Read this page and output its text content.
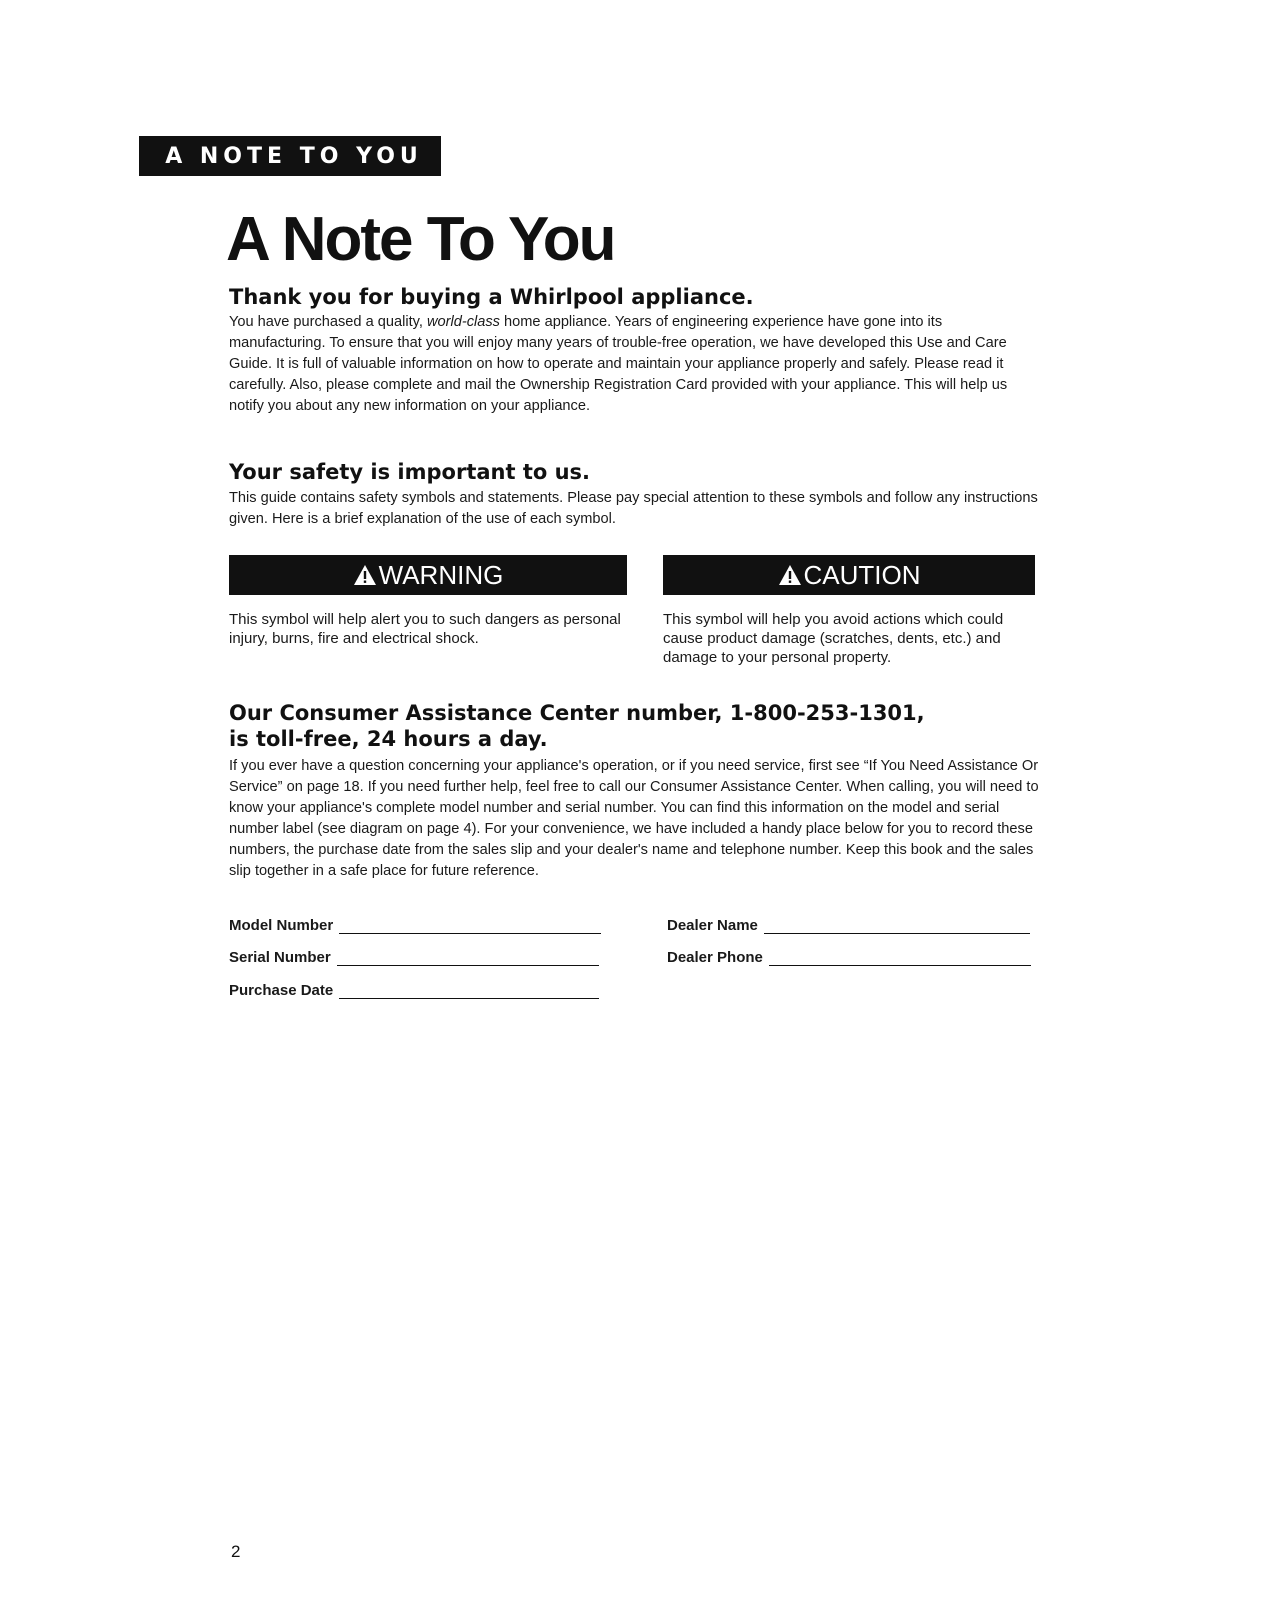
A NOTE TO YOU
A Note To You
Thank you for buying a Whirlpool appliance.

You have purchased a quality, world-class home appliance. Years of engineering experience have gone into its manufacturing. To ensure that you will enjoy many years of trouble-free operation, we have developed this Use and Care Guide. It is full of valuable information on how to operate and maintain your appliance properly and safely. Please read it carefully. Also, please complete and mail the Ownership Registration Card provided with your appliance. This will help us notify you about any new information on your appliance.

Your safety is important to us.

This guide contains safety symbols and statements. Please pay special attention to these symbols and follow any instructions given. Here is a brief explanation of the use of each symbol.

WARNING	CAUTION

This symbol will help alert you to such dangers as personal injury, burns, fire and electrical shock.

This symbol will help you avoid actions which could cause product damage (scratches, dents, etc.) and damage to your personal property.

Our Consumer Assistance Center number, 1-800-253-1301,
is toll-free, 24 hours a day.

If you ever have a question concerning your appliance's operation, or if you need service, first see “If You Need Assistance Or Service” on page 18. If you need further help, feel free to call our Consumer Assistance Center. When calling, you will need to know your appliance's complete model number and serial number. You can find this information on the model and serial number label (see diagram on page 4). For your convenience, we have included a handy place below for you to record these numbers, the purchase date from the sales slip and your dealer's name and telephone number. Keep this book and the sales slip together in a safe place for future reference.

Model Number
Serial Number
Purchase Date
Dealer Name
Dealer Phone
2
